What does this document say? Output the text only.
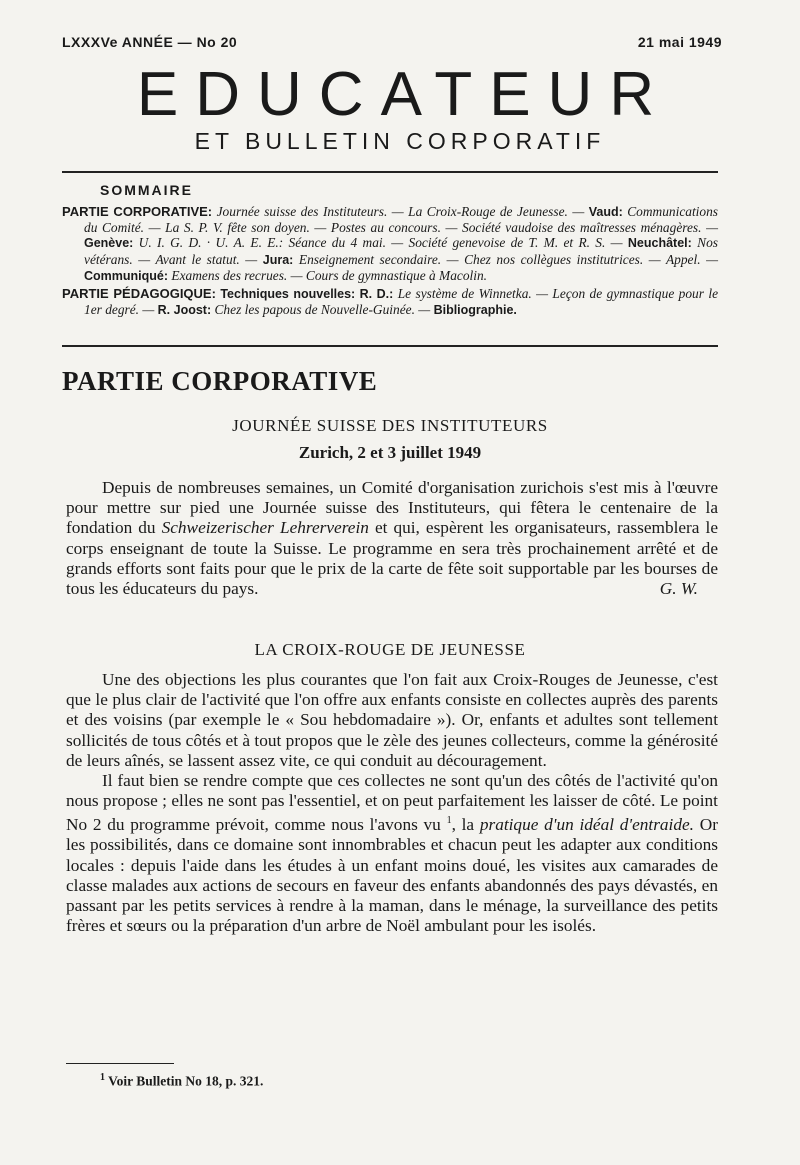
LXXXVe ANNÉE — No 20	21 mai 1949
EDUCATEUR
ET BULLETIN CORPORATIF
SOMMAIRE

PARTIE CORPORATIVE: Journée suisse des Instituteurs. — La Croix-Rouge de Jeunesse. — Vaud: Communications du Comité. — La S. P. V. fête son doyen. — Postes au concours. — Société vaudoise des maîtresses ménagères. — Genève: U. I. G. D. · U. A. E. E.: Séance du 4 mai. — Société genevoise de T. M. et R. S. — Neuchâtel: Nos vétérans. — Avant le statut. — Jura: Enseignement secondaire. — Chez nos collègues institutrices. — Appel. — Communiqué: Examens des recrues. — Cours de gymnastique à Macolin.

PARTIE PÉDAGOGIQUE: Techniques nouvelles: R. D.: Le système de Winnetka. — Leçon de gymnastique pour le 1er degré. — R. Joost: Chez les papous de Nouvelle-Guinée. — Bibliographie.

PARTIE CORPORATIVE
JOURNÉE SUISSE DES INSTITUTEURS
Zurich, 2 et 3 juillet 1949

Depuis de nombreuses semaines, un Comité d'organisation zurichois s'est mis à l'œuvre pour mettre sur pied une Journée suisse des Instituteurs, qui fêtera le centenaire de la fondation du Schweizerischer Lehrerverein et qui, espèrent les organisateurs, rassemblera le corps enseignant de toute la Suisse. Le programme en sera très prochainement arrêté et de grands efforts sont faits pour que le prix de la carte de fête soit supportable par les bourses de tous les éducateurs du pays.	G. W.

LA CROIX-ROUGE DE JEUNESSE

Une des objections les plus courantes que l'on fait aux Croix-Rouges de Jeunesse, c'est que le plus clair de l'activité que l'on offre aux enfants consiste en collectes auprès des parents et des voisins (par exemple le « Sou hebdomadaire »). Or, enfants et adultes sont tellement sollicités de tous côtés et à tout propos que le zèle des jeunes collecteurs, comme la générosité de leurs aînés, se lassent assez vite, ce qui conduit au découragement.

Il faut bien se rendre compte que ces collectes ne sont qu'un des côtés de l'activité qu'on nous propose ; elles ne sont pas l'essentiel, et on peut parfaitement les laisser de côté. Le point No 2 du programme prévoit, comme nous l'avons vu $^1$, la pratique d'un idéal d'entraide. Or les possibilités, dans ce domaine sont innombrables et chacun peut les adapter aux conditions locales : depuis l'aide dans les études à un enfant moins doué, les visites aux camarades de classe malades aux actions de secours en faveur des enfants abandonnés des pays dévastés, en passant par les petits services à rendre à la maman, dans le ménage, la surveillance des petits frères et sœurs ou la préparation d'un arbre de Noël ambulant pour les isolés.

$^1$ Voir Bulletin No 18, p. 321.
